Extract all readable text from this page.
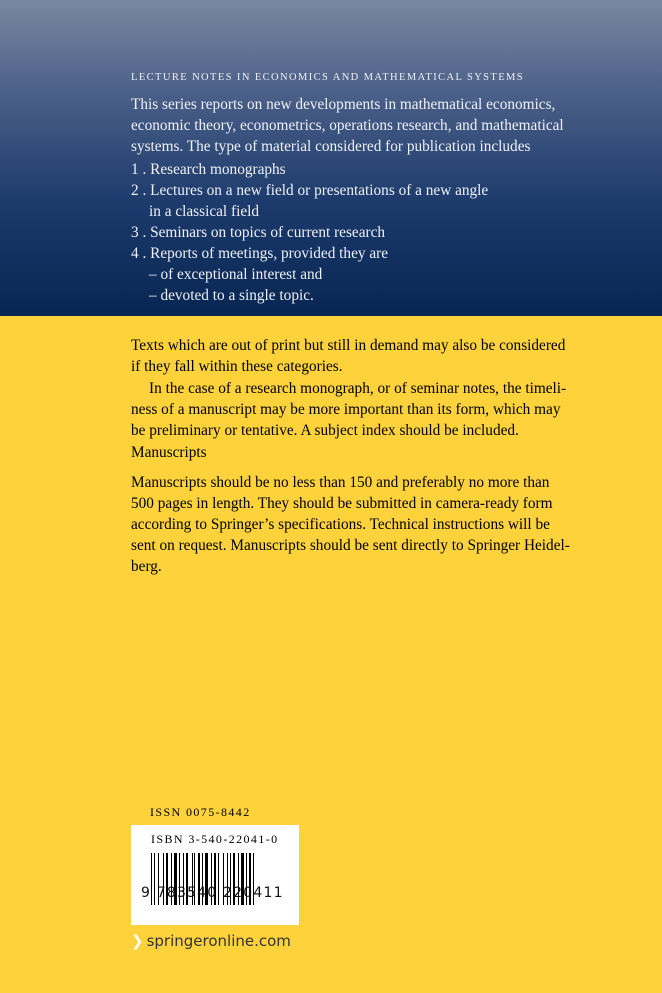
LECTURE NOTES IN ECONOMICS AND MATHEMATICAL SYSTEMS
This series reports on new developments in mathematical economics,
economic theory, econometrics, operations research, and mathematical
systems. The type of material considered for publication includes
1 . Research monographs
2 . Lectures on a new field or presentations of a new angle
in a classical field
3 . Seminars on topics of current research
4 . Reports of meetings, provided they are
– of exceptional interest and
– devoted to a single topic.
Texts which are out of print but still in demand may also be considered
if they fall within these categories.
In the case of a research monograph, or of seminar notes, the timeli-
ness of a manuscript may be more important than its form, which may
be preliminary or tentative. A subject index should be included.
Manuscripts
Manuscripts should be no less than 150 and preferably no more than
500 pages in length. They should be submitted in camera-ready form
according to Springer’s specifications. Technical instructions will be
sent on request. Manuscripts should be sent directly to Springer Heidel-
berg.
ISSN 0075-8442
ISBN 3-540-22041-0
9 783540 220411
❯ springeronline.com
